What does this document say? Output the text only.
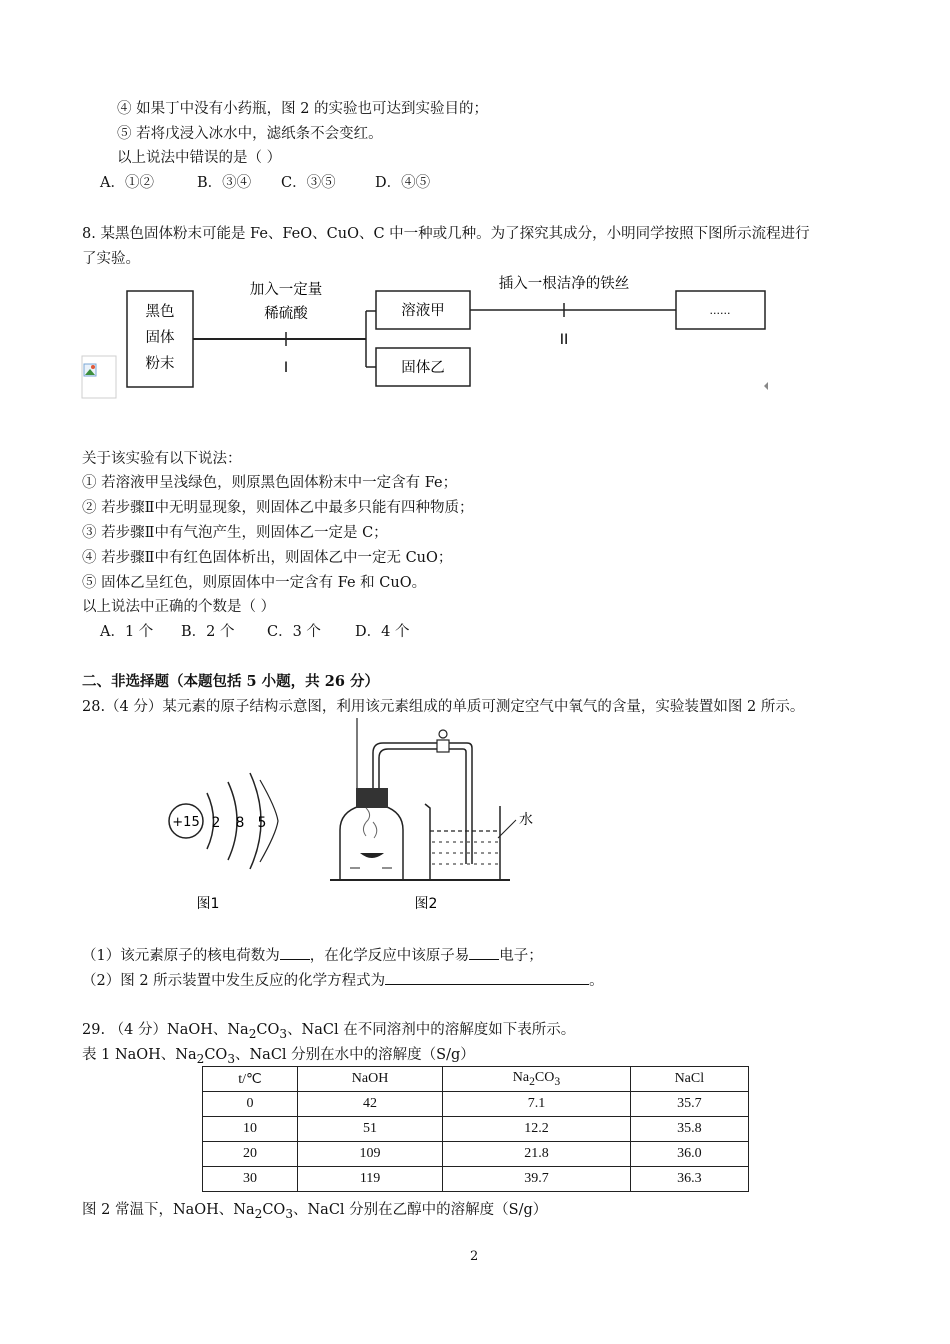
④ 如果丁中没有小药瓶，图 2 的实验也可达到实验目的；
⑤ 若将戊浸入冰水中，滤纸条不会变红。
以上说法中错误的是（ ）
A．①②	B．③④ C．③⑤	D．④⑤
8. 某黑色固体粉末可能是 Fe、FeO、CuO、C 中一种或几种。为了探究其成分，小明同学按照下图所示流程进行
了实验。
黑色
固体
粉末
加入一定量
稀硫酸
I
溶液甲
固体乙
插入一根洁净的铁丝
II
......
关于该实验有以下说法：
① 若溶液甲呈浅绿色，则原黑色固体粉末中一定含有 Fe；
② 若步骤Ⅱ中无明显现象，则固体乙中最多只能有四种物质；
③ 若步骤Ⅱ中有气泡产生，则固体乙一定是 C；
④ 若步骤Ⅱ中有红色固体析出，则固体乙中一定无 CuO；
⑤ 固体乙呈红色，则原固体中一定含有 Fe 和 CuO。
以上说法中正确的个数是（ ）
A．1 个 B．2 个 C．3 个 D．4 个
二、非选择题（本题包括 5 小题，共 26 分）
28.（4 分）某元素的原子结构示意图，利用该元素组成的单质可测定空气中氧气的含量，实验装置如图 2 所示。
+15 2 8 5
图1
水
图2
（1）该元素原子的核电荷数为 ，在化学反应中该原子易 电子；
（2）图 2 所示装置中发生反应的化学方程式为	。
29. （4 分）NaOH、$Na_2CO_3$、NaCl 在不同溶剂中的溶解度如下表所示。
表 1 NaOH、$Na_2CO_3$、NaCl 分别在水中的溶解度（S/g）
t/℃	NaOH	$Na_2CO_3$	NaCl
0	42	7.1	35.7
10	51	12.2	35.8
20	109	21.8	36.0
30	119	39.7	36.3
图 2 常温下，NaOH、$Na_2CO_3$、NaCl 分别在乙醇中的溶解度（S/g）
2
